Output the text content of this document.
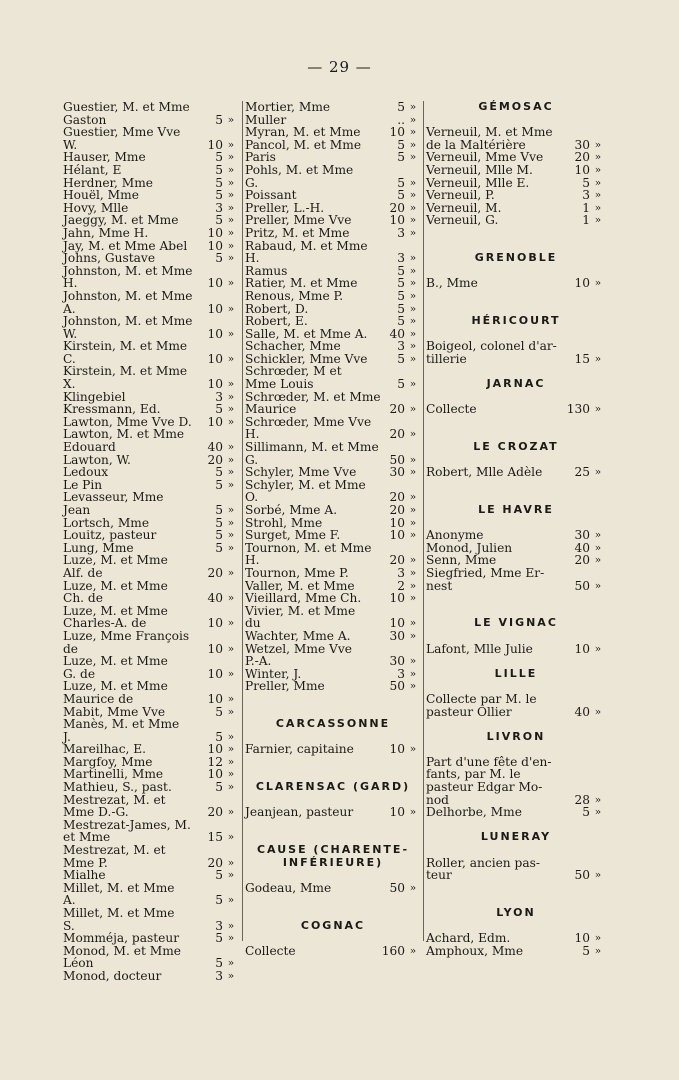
— 29 —
Guestier, M. et Mme
Gaston	5 »
Guestier, Mme Vve
W.	10 »
Hauser, Mme	5 »
Hélant, E	5 »
Herdner, Mme	5 »
Houël, Mme	5 »
Hovy, Mlle	3 »
Jaeggy, M. et Mme	5 »
Jahn, Mme H.	10 »
Jay, M. et Mme Abel	10 »
Johns, Gustave	5 »
Johnston, M. et Mme
H.	10 »
Johnston, M. et Mme
A.	10 »
Johnston, M. et Mme
W.	10 »
Kirstein, M. et Mme
C.	10 »
Kirstein, M. et Mme
X.	10 »
Klingebiel	3 »
Kressmann, Ed.	5 »
Lawton, Mme Vve D.	10 »
Lawton, M. et Mme
Edouard	40 »
Lawton, W.	20 »
Ledoux	5 »
Le Pin	5 »
Levasseur, Mme
Jean	5 »
Lortsch, Mme	5 »
Louitz, pasteur	5 »
Lung, Mme	5 »
Luze, M. et Mme
Alf. de	20 »
Luze, M. et Mme
Ch. de	40 »
Luze, M. et Mme
Charles-A. de	10 »
Luze, Mme François
de	10 »
Luze, M. et Mme
G. de	10 »
Luze, M. et Mme
Maurice de	10 »
Mabit, Mme Vve	5 »
Manès, M. et Mme
J.	5 »
Mareilhac, E.	10 »
Margfoy, Mme	12 »
Martinelli, Mme	10 »
Mathieu, S., past.	5 »
Mestrezat, M. et
Mme D.-G.	20 »
Mestrezat-James, M.
et Mme	15 »
Mestrezat, M. et
Mme P.	20 »
Mialhe	5 »
Millet, M. et Mme
A.	5 »
Millet, M. et Mme
S.	3 »
Momméja, pasteur	5 »
Monod, M. et Mme
Léon	5 »
Monod, docteur	3 »
Mortier, Mme	5 »
Muller	.. »
Myran, M. et Mme	10 »
Pancol, M. et Mme	5 »
Paris	5 »
Pohls, M. et Mme
G.	5 »
Poissant	5 »
Preller, L.-H.	20 »
Preller, Mme Vve	10 »
Pritz, M. et Mme	3 »
Rabaud, M. et Mme
H.	3 »
Ramus	5 »
Ratier, M. et Mme	5 »
Renous, Mme P.	5 »
Robert, D.	5 »
Robert, E.	5 »
Salle, M. et Mme A.	40 »
Schacher, Mme	3 »
Schickler, Mme Vve	5 »
Schrœder, M et
Mme Louis	5 »
Schrœder, M. et Mme
Maurice	20 »
Schrœder, Mme Vve
H.	20 »
Sillimann, M. et Mme
G.	50 »
Schyler, Mme Vve	30 »
Schyler, M. et Mme
O.	20 »
Sorbé, Mme A.	20 »
Strohl, Mme	10 »
Surget, Mme F.	10 »
Tournon, M. et Mme
H.	20 »
Tournon, Mme P.	3 »
Valler, M. et Mme	2 »
Vieillard, Mme Ch.	10 »
Vivier, M. et Mme
du	10 »
Wachter, Mme A.	30 »
Wetzel, Mme Vve
P.-A.	30 »
Winter, J.	3 »
Preller, Mme	50 »
CARCASSONNE
Farnier, capitaine	10 »
CLARENSAC (GARD)
Jeanjean, pasteur	10 »
CAUSE (CHARENTE-
INFÉRIEURE)
Godeau, Mme	50 »
COGNAC
Collecte	160 »
GÉMOSAC
Verneuil, M. et Mme
de la Maltérière	30 »
Verneuil, Mme Vve	20 »
Verneuil, Mlle M.	10 »
Verneuil, Mlle E.	5 »
Verneuil, P.	3 »
Verneuil, M.	1 »
Verneuil, G.	1 »
GRENOBLE
B., Mme	10 »
HÉRICOURT
Boigeol, colonel d'ar-
tillerie	15 »
JARNAC
Collecte	130 »
LE CROZAT
Robert, Mlle Adèle	25 »
LE HAVRE
Anonyme	30 »
Monod, Julien	40 »
Senn, Mme	20 »
Siegfried, Mme Er-
nest	50 »
LE VIGNAC
Lafont, Mlle Julie	10 »
LILLE
Collecte par M. le
pasteur Ollier	40 »
LIVRON
Part d'une fête d'en-
fants, par M. le
pasteur Edgar Mo-
nod	28 »
Delhorbe, Mme	5 »
LUNERAY
Roller, ancien pas-
teur	50 »
LYON
Achard, Edm.	10 »
Amphoux, Mme	5 »
